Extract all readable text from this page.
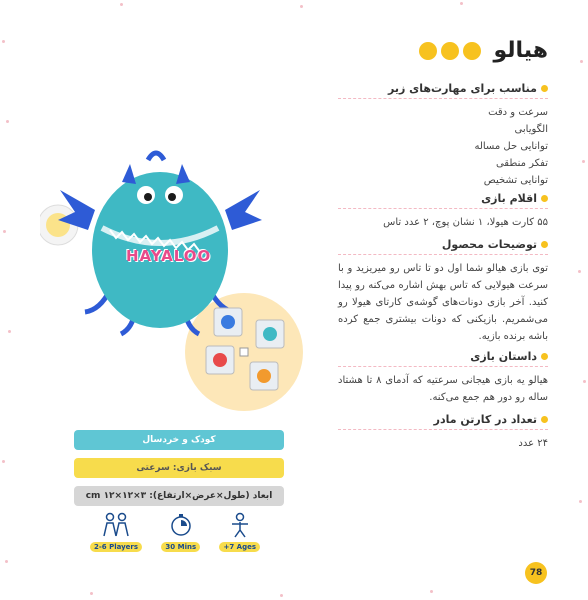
هیالو
مناسب برای مهارت‌های زیر
سرعت و دقت
الگویابی
توانایی حل مساله
تفکر منطقی
توانایی تشخیص
اقلام بازی
۵۵ کارت هیولا، ۱ نشان پوچ، ۲ عدد تاس
توضیحات محصول
توی بازی هیالو شما اول دو تا تاس رو میریزید و با سرعت هیولایی که تاس بهش اشاره می‌کنه رو پیدا کنید. آخر بازی دونات‌های گوشه‌ی کارتای هیولا رو می‌شمریم. بازیکنی که دونات بیشتری جمع کرده باشه برنده بازیه.
داستان بازی
هیالو یه بازی هیجانی سرعتیه که آدمای ۸ تا هشتاد ساله رو دور هم جمع می‌کنه.
تعداد در کارتن مادر
۲۴ عدد
HAYALOO
کودک و خردسال
سبک بازی: سرعتی
ابعاد (طول×عرض×ارتفاع): cm ۱۲×۱۲×۳
2-6 Players	30 Mins	+7 Ages
78
